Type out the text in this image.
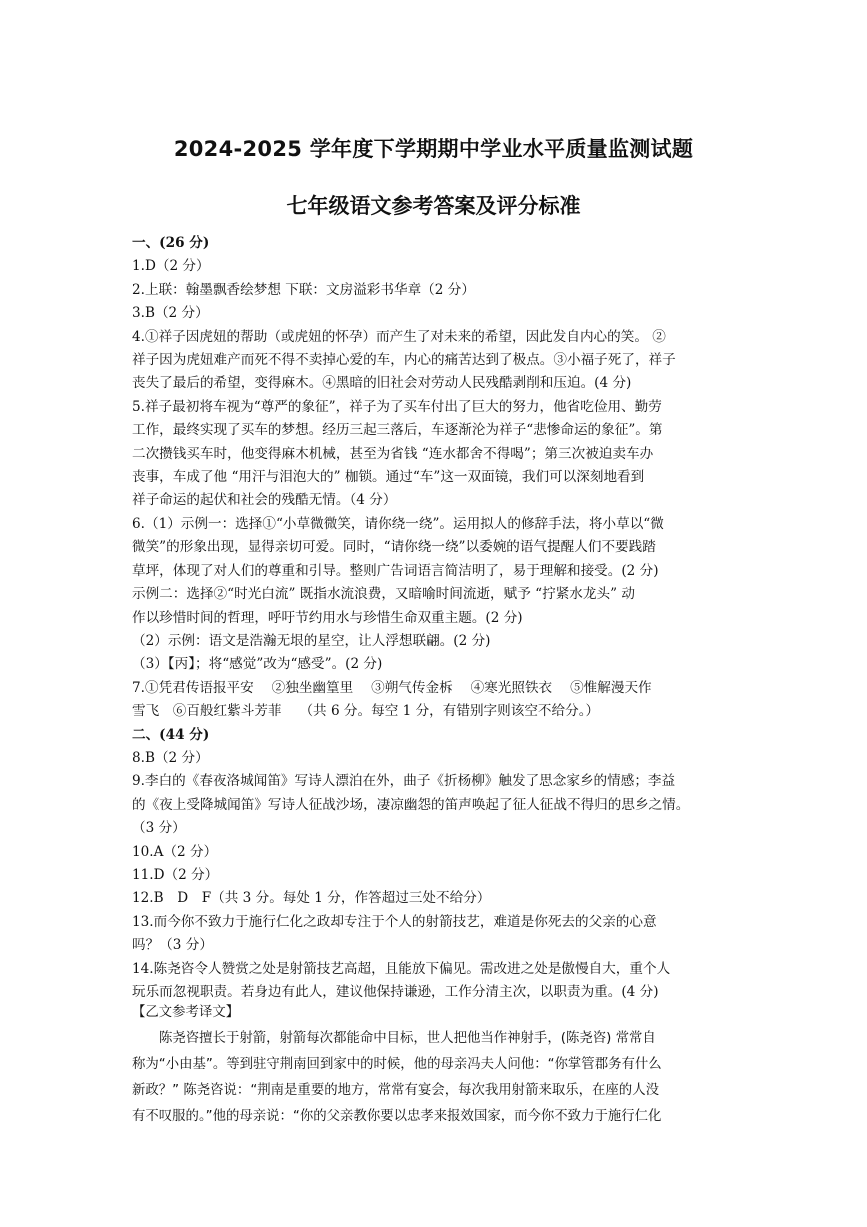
2024-2025 学年度下学期期中学业水平质量监测试题
七年级语文参考答案及评分标准
一、(26 分)
1.D（2 分）
2.上联：翰墨飘香绘梦想 下联：文房溢彩书华章（2 分）
3.B（2 分）
4.①祥子因虎妞的帮助（或虎妞的怀孕）而产生了对未来的希望，因此发自内心的笑。 ②
祥子因为虎妞难产而死不得不卖掉心爱的车，内心的痛苦达到了极点。③小福子死了，祥子
丧失了最后的希望，变得麻木。④黑暗的旧社会对劳动人民残酷剥削和压迫。(4 分)
5.祥子最初将车视为“尊严的象征”，祥子为了买车付出了巨大的努力，他省吃俭用、勤劳
工作，最终实现了买车的梦想。经历三起三落后，车逐渐沦为祥子“悲惨命运的象征”。第
二次攒钱买车时，他变得麻木机械，甚至为省钱 “连水都舍不得喝”；第三次被迫卖车办
丧事，车成了他 “用汗与泪泡大的” 枷锁。通过“车”这一双面镜，我们可以深刻地看到
祥子命运的起伏和社会的残酷无情。（4 分）
6.（1）示例一：选择①“小草微微笑，请你绕一绕”。运用拟人的修辞手法，将小草以“微
微笑”的形象出现，显得亲切可爱。同时，“请你绕一绕”以委婉的语气提醒人们不要践踏
草坪，体现了对人们的尊重和引导。整则广告词语言简洁明了，易于理解和接受。(2 分)
示例二：选择②“时光白流” 既指水流浪费，又暗喻时间流逝，赋予 “拧紧水龙头” 动
作以珍惜时间的哲理，呼吁节约用水与珍惜生命双重主题。(2 分)
（2）示例：语文是浩瀚无垠的星空，让人浮想联翩。(2 分)
（3）【丙】；将“感觉”改为“感受”。(2 分)
7.①凭君传语报平安　 ②独坐幽篁里　 ③朔气传金柝　 ④寒光照铁衣　 ⑤惟解漫天作
雪飞　⑥百般红紫斗芳菲　 （共 6 分。每空 1 分，有错别字则该空不给分。）
二、(44 分)
8.B（2 分）
9.李白的《春夜洛城闻笛》写诗人漂泊在外，曲子《折杨柳》触发了思念家乡的情感；李益
的《夜上受降城闻笛》写诗人征战沙场，凄凉幽怨的笛声唤起了征人征战不得归的思乡之情。
（3 分）
10.A（2 分）
11.D（2 分）
12.B　D　F（共 3 分。每处 1 分，作答超过三处不给分）
13.而今你不致力于施行仁化之政却专注于个人的射箭技艺，难道是你死去的父亲的心意
吗？（3 分）
14.陈尧咨令人赞赏之处是射箭技艺高超，且能放下偏见。需改进之处是傲慢自大，重个人
玩乐而忽视职责。若身边有此人，建议他保持谦逊，工作分清主次，以职责为重。(4 分)
【乙文参考译文】
陈尧咨擅长于射箭，射箭每次都能命中目标，世人把他当作神射手，(陈尧咨) 常常自
称为“小由基”。等到驻守荆南回到家中的时候，他的母亲冯夫人问他：“你掌管郡务有什么
新政？” 陈尧咨说：“荆南是重要的地方，常常有宴会，每次我用射箭来取乐，在座的人没
有不叹服的。”他的母亲说：“你的父亲教你要以忠孝来报效国家，而今你不致力于施行仁化
